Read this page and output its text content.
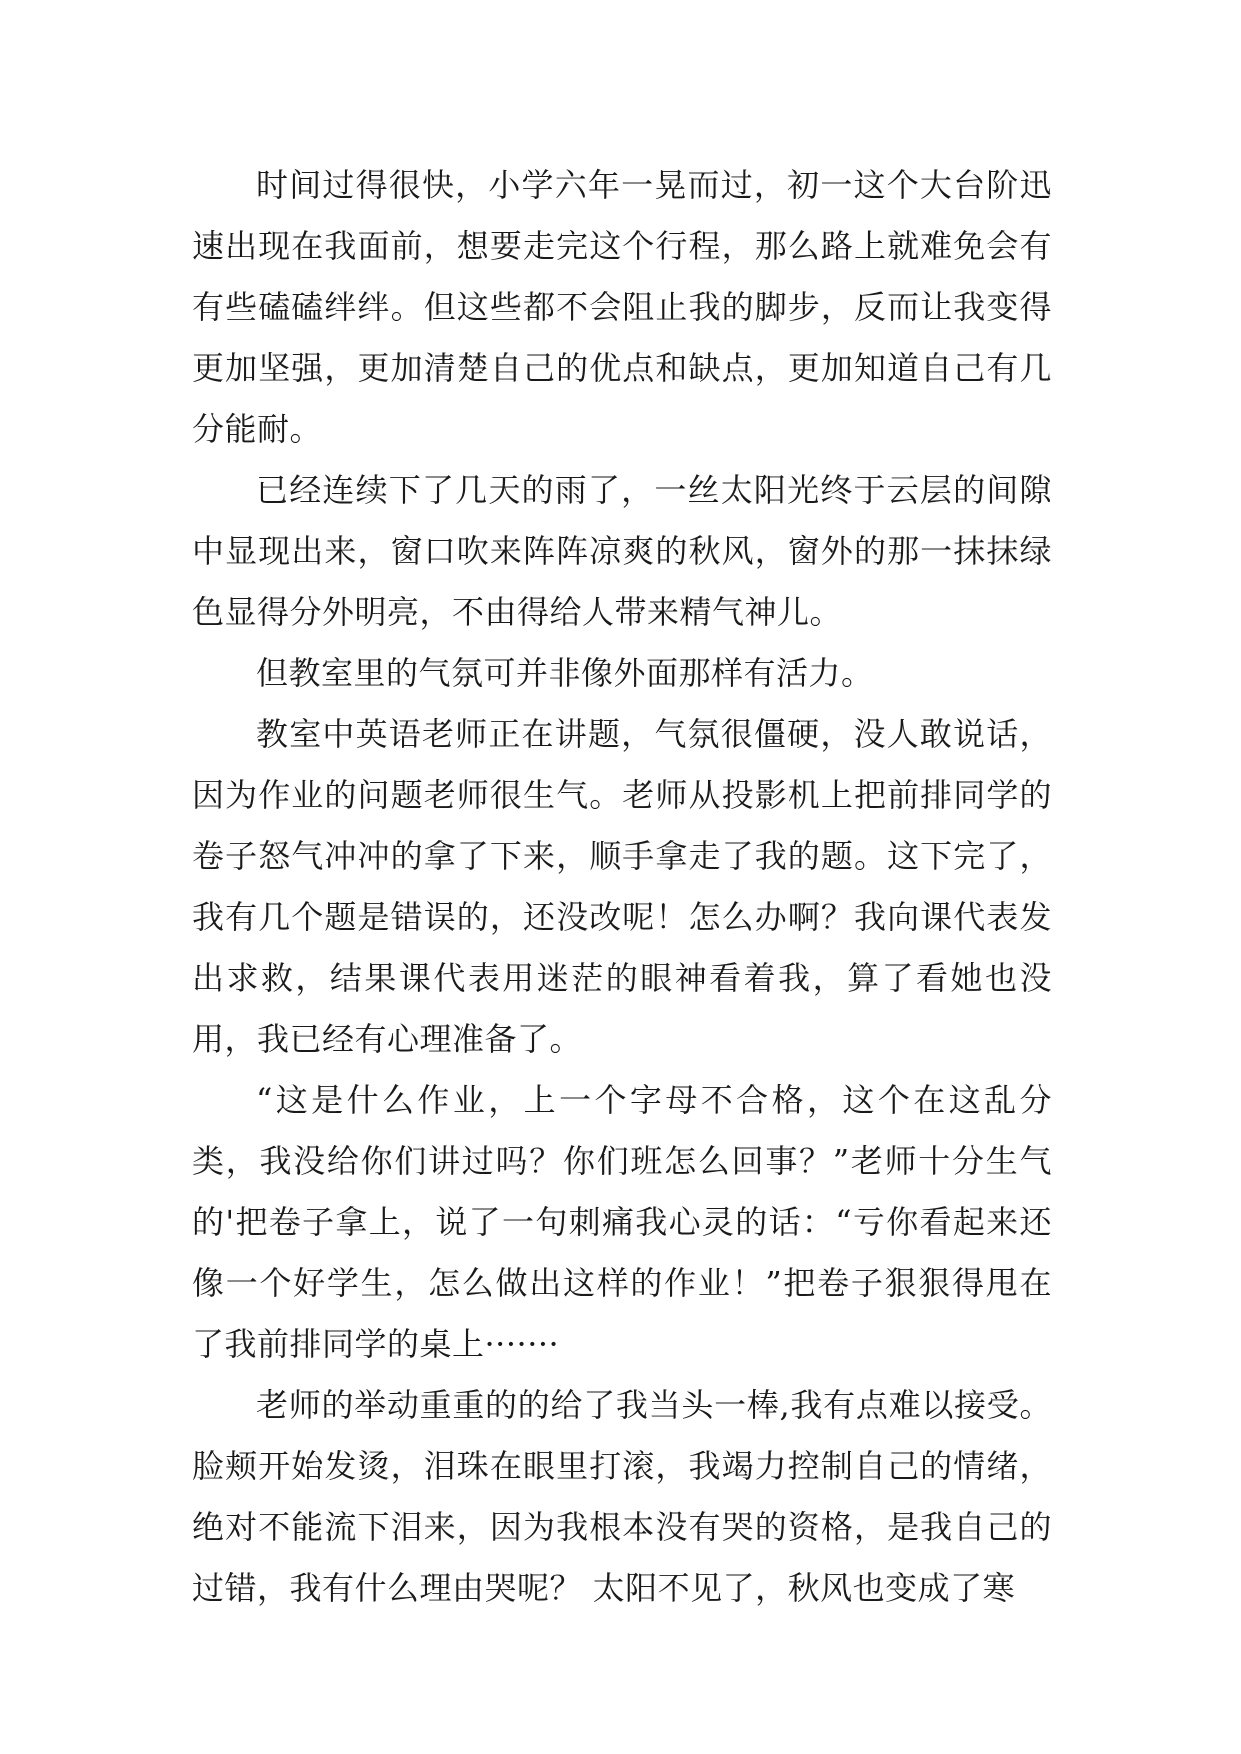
时间过得很快，小学六年一晃而过，初一这个大台阶迅速出现在我面前，想要走完这个行程，那么路上就难免会有有些磕磕绊绊。但这些都不会阻止我的脚步，反而让我变得更加坚强，更加清楚自己的优点和缺点，更加知道自己有几分能耐。

已经连续下了几天的雨了，一丝太阳光终于云层的间隙中显现出来，窗口吹来阵阵凉爽的秋风，窗外的那一抹抹绿色显得分外明亮，不由得给人带来精气神儿。

但教室里的气氛可并非像外面那样有活力。

教室中英语老师正在讲题，气氛很僵硬，没人敢说话，因为作业的问题老师很生气。老师从投影机上把前排同学的卷子怒气冲冲的拿了下来，顺手拿走了我的题。这下完了，我有几个题是错误的，还没改呢！怎么办啊？我向课代表发出求救，结果课代表用迷茫的眼神看着我，算了看她也没用，我已经有心理准备了。

“这是什么作业，上一个字母不合格，这个在这乱分类，我没给你们讲过吗？你们班怎么回事？”老师十分生气的'把卷子拿上，说了一句刺痛我心灵的话：“亏你看起来还像一个好学生，怎么做出这样的作业！”把卷子狠狠得甩在了我前排同学的桌上·······

老师的举动重重的的给了我当头一棒,我有点难以接受。脸颊开始发烫，泪珠在眼里打滚，我竭力控制自己的情绪，绝对不能流下泪来，因为我根本没有哭的资格，是我自己的过错，我有什么理由哭呢？ 太阳不见了，秋风也变成了寒
